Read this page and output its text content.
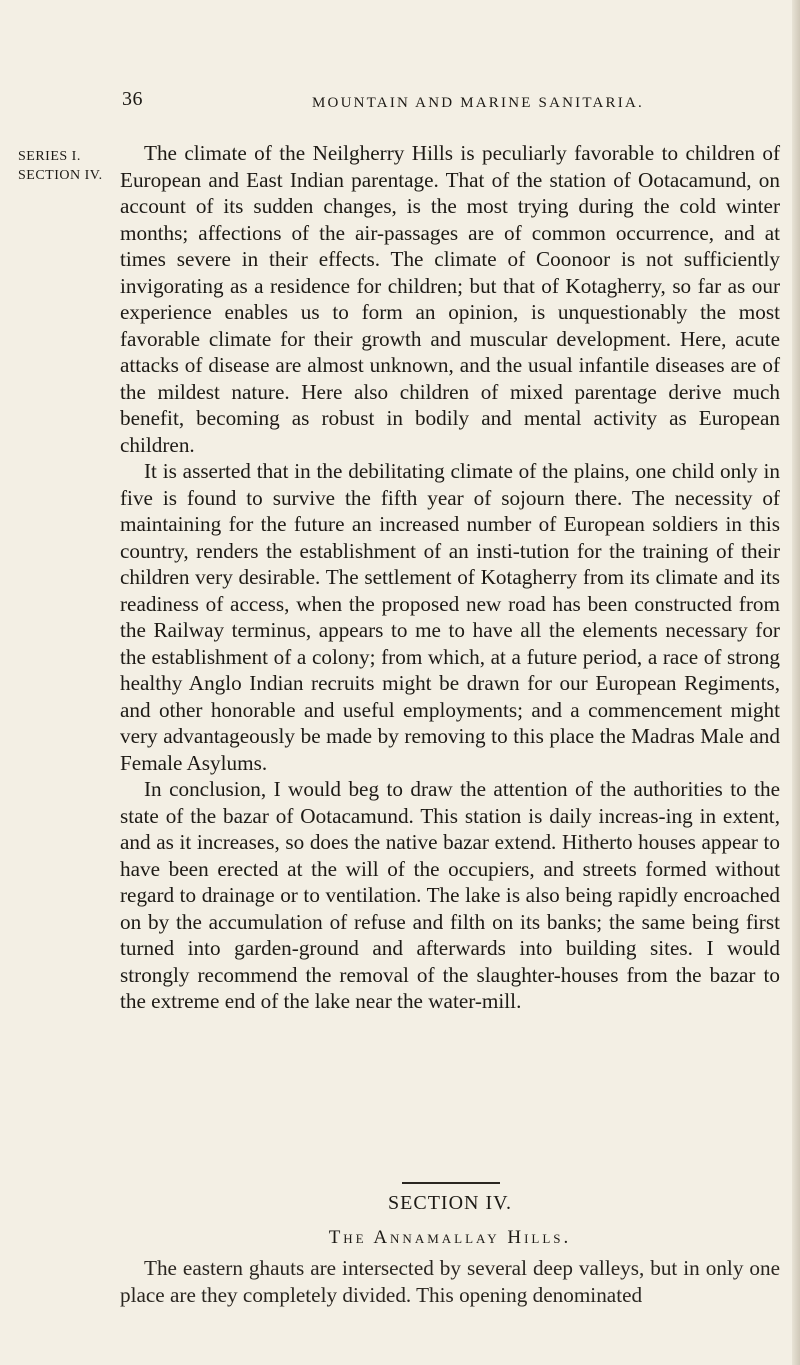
36	MOUNTAIN AND MARINE SANITARIA.
SERIES I.
SECTION IV.

The climate of the Neilgherry Hills is peculiarly favorable to children of European and East Indian parentage. That of the station of Ootacamund, on account of its sudden changes, is the most trying during the cold winter months; affections of the air-passages are of common occurrence, and at times severe in their effects. The climate of Coonoor is not sufficiently invigorating as a residence for children; but that of Kotagherry, so far as our experience enables us to form an opinion, is unquestionably the most favorable climate for their growth and muscular development. Here, acute attacks of disease are almost unknown, and the usual infantile diseases are of the mildest nature. Here also children of mixed parentage derive much benefit, becoming as robust in bodily and mental activity as European children.

It is asserted that in the debilitating climate of the plains, one child only in five is found to survive the fifth year of sojourn there. The necessity of maintaining for the future an increased number of European soldiers in this country, renders the establishment of an insti-tution for the training of their children very desirable. The settlement of Kotagherry from its climate and its readiness of access, when the proposed new road has been constructed from the Railway terminus, appears to me to have all the elements necessary for the establishment of a colony; from which, at a future period, a race of strong healthy Anglo Indian recruits might be drawn for our European Regiments, and other honorable and useful employments; and a commencement might very advantageously be made by removing to this place the Madras Male and Female Asylums.

In conclusion, I would beg to draw the attention of the authorities to the state of the bazar of Ootacamund. This station is daily increas-ing in extent, and as it increases, so does the native bazar extend. Hitherto houses appear to have been erected at the will of the occupiers, and streets formed without regard to drainage or to ventilation. The lake is also being rapidly encroached on by the accumulation of refuse and filth on its banks; the same being first turned into garden-ground and afterwards into building sites. I would strongly recommend the removal of the slaughter-houses from the bazar to the extreme end of the lake near the water-mill.

SECTION IV.
The Annamallay Hills.

The eastern ghauts are intersected by several deep valleys, but in only one place are they completely divided. This opening denominated
